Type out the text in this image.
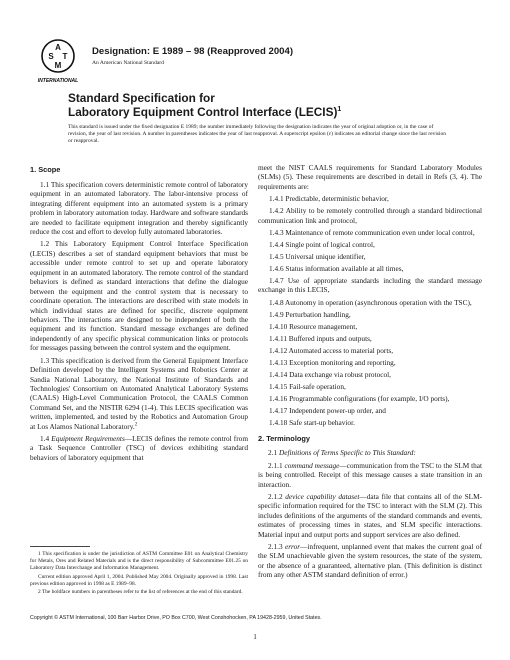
A
S T
M
INTERNATIONAL
Designation: E 1989 – 98 (Reapproved 2004)
An American National Standard
Standard Specification for
Laboratory Equipment Control Interface (LECIS)$^1$
This standard is issued under the fixed designation E 1989; the number immediately following the designation indicates the year of original adoption or, in the case of revision, the year of last revision. A number in parentheses indicates the year of last reapproval. A superscript epsilon (ε) indicates an editorial change since the last revision or reapproval.
1. Scope

1.1 This specification covers deterministic remote control of laboratory equipment in an automated laboratory. The labor-intensive process of integrating different equipment into an automated system is a primary problem in laboratory automation today. Hardware and software standards are needed to facilitate equipment integration and thereby significantly reduce the cost and effort to develop fully automated laboratories.

1.2 This Laboratory Equipment Control Interface Specification (LECIS) describes a set of standard equipment behaviors that must be accessible under remote control to set up and operate laboratory equipment in an automated laboratory. The remote control of the standard behaviors is defined as standard interactions that define the dialogue between the equipment and the control system that is necessary to coordinate operation. The interactions are described with state models in which individual states are defined for specific, discrete equipment behaviors. The interactions are designed to be independent of both the equipment and its function. Standard message exchanges are defined independently of any specific physical communication links or protocols for messages passing between the control system and the equipment.

1.3 This specification is derived from the General Equipment Interface Definition developed by the Intelligent Systems and Robotics Center at Sandia National Laboratory, the National Institute of Standards and Technologies' Consortium on Automated Analytical Laboratory Systems (CAALS) High-Level Communication Protocol, the CAALS Common Command Set, and the NISTIR 6294 (1-4). This LECIS specification was written, implemented, and tested by the Robotics and Automation Group at Los Alamos National Laboratory.$^2$

1.4 Equipment Requirements—LECIS defines the remote control from a Task Sequence Controller (TSC) of devices exhibiting standard behaviors of laboratory equipment that

meet the NIST CAALS requirements for Standard Laboratory Modules (SLMs) (5). These requirements are described in detail in Refs (3, 4). The requirements are:

1.4.1 Predictable, deterministic behavior,

1.4.2 Ability to be remotely controlled through a standard bidirectional communication link and protocol,

1.4.3 Maintenance of remote communication even under local control,

1.4.4 Single point of logical control,

1.4.5 Universal unique identifier,

1.4.6 Status information available at all times,

1.4.7 Use of appropriate standards including the standard message exchange in this LECIS,

1.4.8 Autonomy in operation (asynchronous operation with the TSC),

1.4.9 Perturbation handling,

1.4.10 Resource management,

1.4.11 Buffered inputs and outputs,

1.4.12 Automated access to material ports,

1.4.13 Exception monitoring and reporting,

1.4.14 Data exchange via robust protocol,

1.4.15 Fail-safe operation,

1.4.16 Programmable configurations (for example, I/O ports),

1.4.17 Independent power-up order, and

1.4.18 Safe start-up behavior.

2. Terminology

2.1 Definitions of Terms Specific to This Standard:

2.1.1 command message—communication from the TSC to the SLM that is being controlled. Receipt of this message causes a state transition in an interaction.

2.1.2 device capability dataset—data file that contains all of the SLM-specific information required for the TSC to interact with the SLM (2). This includes definitions of the arguments of the standard commands and events, estimates of processing times in states, and SLM specific interactions. Material input and output ports and support services are also defined.

2.1.3 error—infrequent, unplanned event that makes the current goal of the SLM unachievable given the system resources, the state of the system, or the absence of a guaranteed, alternative plan. (This definition is distinct from any other ASTM standard definition of error.)

1 This specification is under the jurisdiction of ASTM Committee E01 on Analytical Chemistry for Metals, Ores and Related Materials and is the direct responsibility of Subcommittee E01.25 on Laboratory Data Interchange and Information Management.

Current edition approved April 1, 2004. Published May 2004. Originally approved in 1998. Last previous edition approved in 1998 as E 1989–98.

2 The boldface numbers in parentheses refer to the list of references at the end of this standard.

Copyright © ASTM International, 100 Barr Harbor Drive, PO Box C700, West Conshohocken, PA 19428-2959, United States.
1
